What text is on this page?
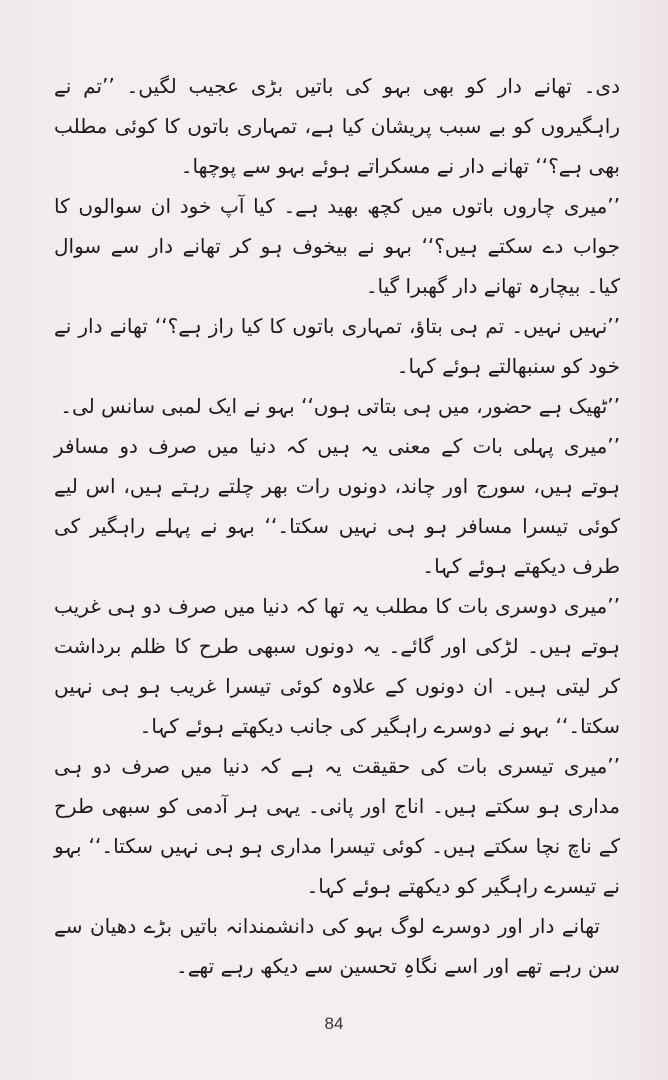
دی۔ تھانے دار کو بھی بہو کی باتیں بڑی عجیب لگیں۔ ’’تم نے راہگیروں کو بے سبب پریشان کیا ہے، تمہاری باتوں کا کوئی مطلب بھی ہے؟‘‘ تھانے دار نے مسکراتے ہوئے بہو سے پوچھا۔

’’میری چاروں باتوں میں کچھ بھید ہے۔ کیا آپ خود ان سوالوں کا جواب دے سکتے ہیں؟‘‘ بہو نے بیخوف ہو کر تھانے دار سے سوال کیا۔ بیچارہ تھانے دار گھبرا گیا۔

’’نہیں نہیں۔ تم ہی بتاؤ، تمہاری باتوں کا کیا راز ہے؟‘‘ تھانے دار نے خود کو سنبھالتے ہوئے کہا۔

’’ٹھیک ہے حضور، میں ہی بتاتی ہوں‘‘ بہو نے ایک لمبی سانس لی۔

’’میری پہلی بات کے معنی یہ ہیں کہ دنیا میں صرف دو مسافر ہوتے ہیں، سورج اور چاند، دونوں رات بھر چلتے رہتے ہیں، اس لیے کوئی تیسرا مسافر ہو ہی نہیں سکتا۔‘‘ بہو نے پہلے راہگیر کی طرف دیکھتے ہوئے کہا۔

’’میری دوسری بات کا مطلب یہ تھا کہ دنیا میں صرف دو ہی غریب ہوتے ہیں۔ لڑکی اور گائے۔ یہ دونوں سبھی طرح کا ظلم برداشت کر لیتی ہیں۔ ان دونوں کے علاوہ کوئی تیسرا غریب ہو ہی نہیں سکتا۔‘‘ بہو نے دوسرے راہگیر کی جانب دیکھتے ہوئے کہا۔

’’میری تیسری بات کی حقیقت یہ ہے کہ دنیا میں صرف دو ہی مداری ہو سکتے ہیں۔ اناج اور پانی۔ یہی ہر آدمی کو سبھی طرح کے ناچ نچا سکتے ہیں۔ کوئی تیسرا مداری ہو ہی نہیں سکتا۔‘‘ بہو نے تیسرے راہگیر کو دیکھتے ہوئے کہا۔

تھانے دار اور دوسرے لوگ بہو کی دانشمندانہ باتیں بڑے دھیان سے سن رہے تھے اور اسے نگاہِ تحسین سے دیکھ رہے تھے۔

84
